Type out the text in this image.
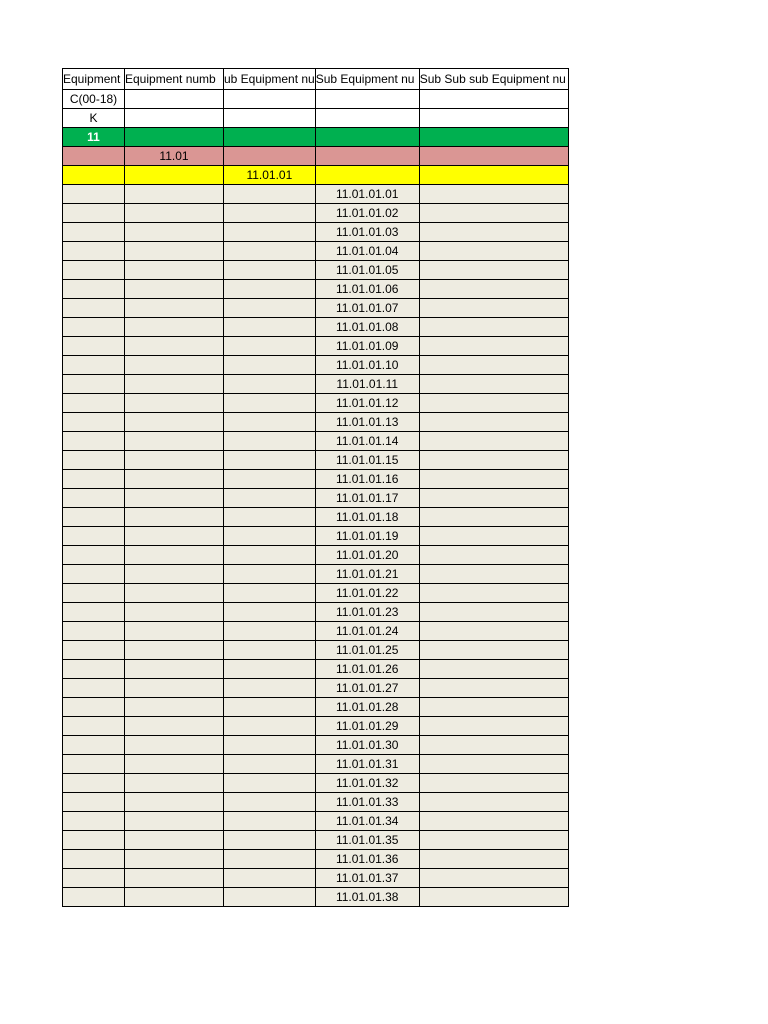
Equipment	Equipment numb	ub Equipment nu	Sub Equipment nu	Sub Sub sub Equipment nu
C(00-18)				
K				
11				
	11.01			
		11.01.01		
			11.01.01.01	
			11.01.01.02	
			11.01.01.03	
			11.01.01.04	
			11.01.01.05	
			11.01.01.06	
			11.01.01.07	
			11.01.01.08	
			11.01.01.09	
			11.01.01.10	
			11.01.01.11	
			11.01.01.12	
			11.01.01.13	
			11.01.01.14	
			11.01.01.15	
			11.01.01.16	
			11.01.01.17	
			11.01.01.18	
			11.01.01.19	
			11.01.01.20	
			11.01.01.21	
			11.01.01.22	
			11.01.01.23	
			11.01.01.24	
			11.01.01.25	
			11.01.01.26	
			11.01.01.27	
			11.01.01.28	
			11.01.01.29	
			11.01.01.30	
			11.01.01.31	
			11.01.01.32	
			11.01.01.33	
			11.01.01.34	
			11.01.01.35	
			11.01.01.36	
			11.01.01.37	
			11.01.01.38	
